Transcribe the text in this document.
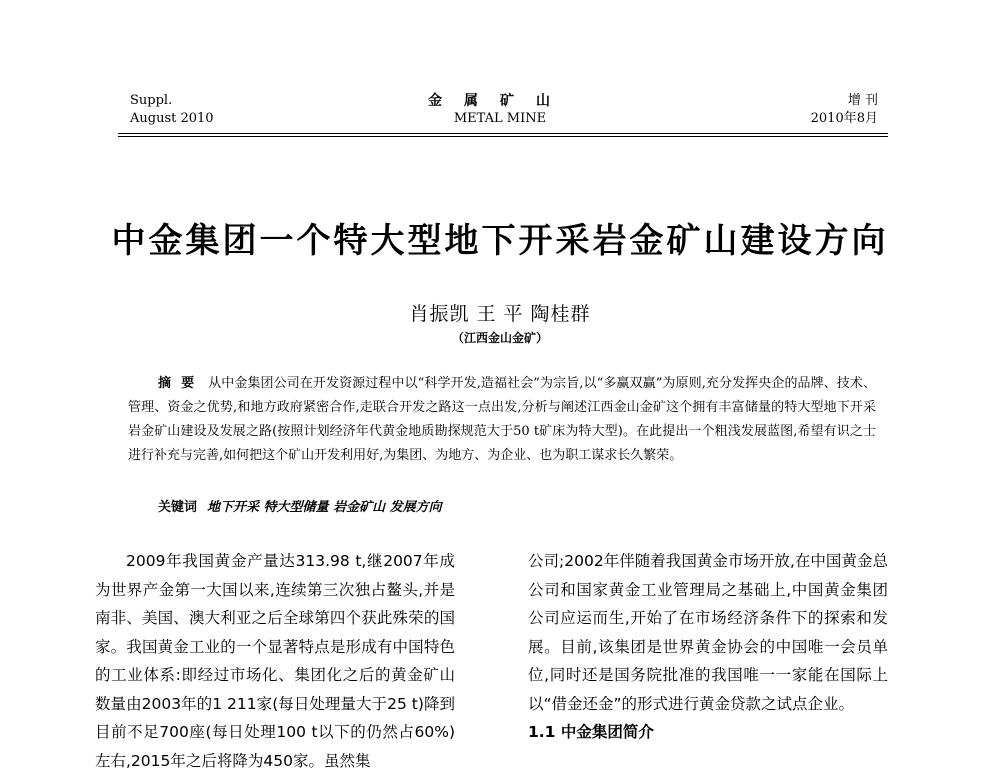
Suppl.
August 2010
金属矿山
METAL MINE
增 刊
2010年8月
中金集团一个特大型地下开采岩金矿山建设方向
肖振凯 王 平 陶桂群
（江西金山金矿）
摘要 从中金集团公司在开发资源过程中以“科学开发,造福社会”为宗旨,以“多赢双赢”为原则,充分发挥央企的品牌、技术、管理、资金之优势,和地方政府紧密合作,走联合开发之路这一点出发,分析与阐述江西金山金矿这个拥有丰富储量的特大型地下开采岩金矿山建设及发展之路(按照计划经济年代黄金地质勘探规范大于50 t矿床为特大型)。在此提出一个粗浅发展蓝图,希望有识之士进行补充与完善,如何把这个矿山开发利用好,为集团、为地方、为企业、也为职工谋求长久繁荣。
关键词 地下开采 特大型储量 岩金矿山 发展方向

2009年我国黄金产量达313.98 t,继2007年成为世界产金第一大国以来,连续第三次独占鳌头,并是南非、美国、澳大利亚之后全球第四个获此殊荣的国家。我国黄金工业的一个显著特点是形成有中国特色的工业体系:即经过市场化、集团化之后的黄金矿山数量由2003年的1 211家(每日处理量大于25 t)降到目前不足700座(每日处理100 t以下的仍然占60%)左右,2015年之后将降为450家。虽然集

公司;2002年伴随着我国黄金市场开放,在中国黄金总公司和国家黄金工业管理局之基础上,中国黄金集团公司应运而生,开始了在市场经济条件下的探索和发展。目前,该集团是世界黄金协会的中国唯一会员单位,同时还是国务院批准的我国唯一一家能在国际上以“借金还金”的形式进行黄金贷款之试点企业。

1.1 中金集团简介
